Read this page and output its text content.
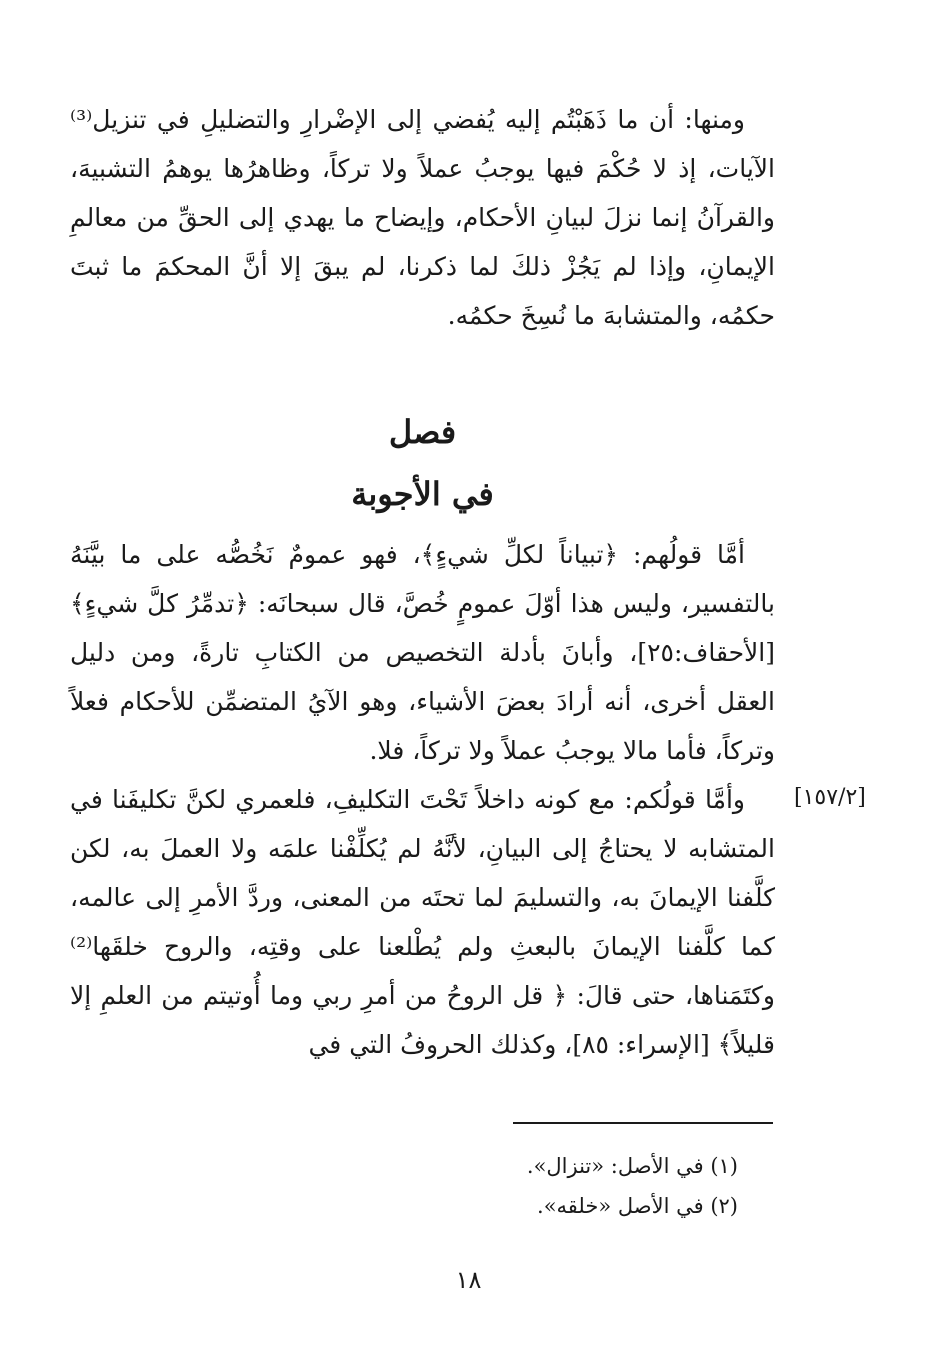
ومنها: أن ما ذَهَبْتُم إليه يُفضي إلى الإضْرارِ والتضليلِ في تنزيل⁽³⁾ الآيات، إذ لا حُكْمَ فيها يوجبُ عملاً ولا تركاً، وظاهرُها يوهمُ التشبيهَ، والقرآنُ إنما نزلَ لبيانِ الأحكام، وإيضاح ما يهدي إلى الحقِّ من معالمِ الإيمانِ، وإذا لم يَجُزْ ذلكَ لما ذكرنا، لم يبقَ إلا أنَّ المحكمَ ما ثبتَ حكمُه، والمتشابهَ ما نُسِخَ حكمُه.
فصل
في الأجوبة
أمَّا قولُهم: ﴿تبياناً لكلِّ شيءٍ﴾، فهو عمومٌ نَخُصُّه على ما بيَّنَهُ بالتفسير، وليس هذا أوّلَ عمومٍ خُصَّ، قال سبحانَه: ﴿تدمِّرُ كلَّ شيءٍ﴾ [الأحقاف:٢٥]، وأبانَ بأدلة التخصيص من الكتابِ تارةً، ومن دليل العقل أخرى، أنه أرادَ بعضَ الأشياء، وهو الآيُ المتضمِّن للأحكام فعلاً وتركاً، فأما مالا يوجبُ عملاً ولا تركاً، فلا.
[١٥٧/٢]
وأمَّا قولُكم: مع كونه داخلاً تَحْتَ التكليفِ، فلعمري لكنَّ تكليفَنا في المتشابه لا يحتاجُ إلى البيانِ، لأنَّهُ لم يُكلِّفْنا علمَه ولا العملَ به، لكن كلَّفنا الإيمانَ به، والتسليمَ لما تحتَه من المعنى، وردَّ الأمرِ إلى عالمه، كما كلَّفنا الإيمانَ بالبعثِ ولم يُطْلعنا على وقتِه، والروح خلقَها⁽²⁾ وكتَمَناها، حتى قالَ: ﴿ قل الروحُ من أمرِ ربي وما أُوتيتم من العلمِ إلا قليلاً﴾ [الإسراء: ٨٥]، وكذلك الحروفُ التي في
(١) في الأصل: «تنزال».
(٢) في الأصل «خلقه».
١٨
